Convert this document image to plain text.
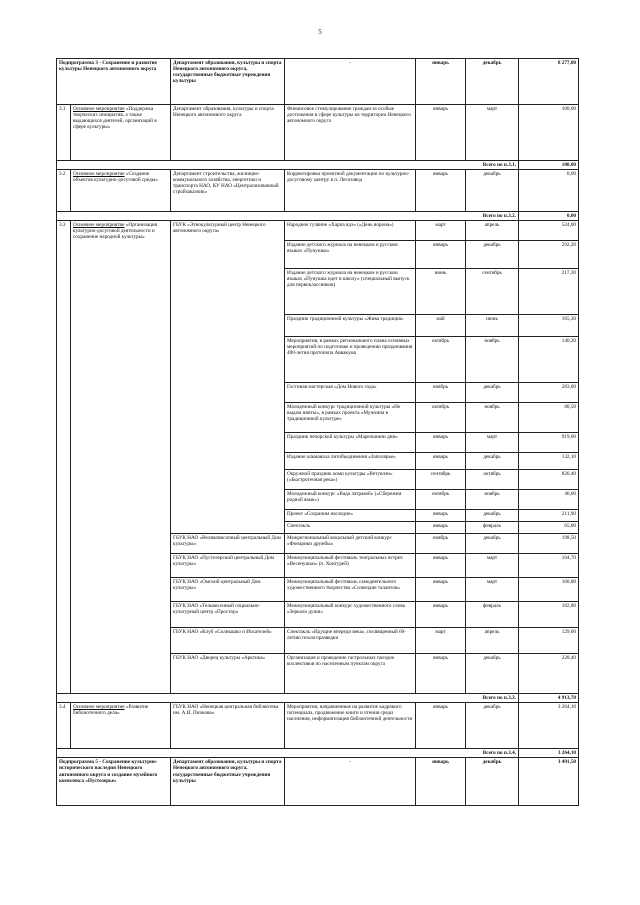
5
Подпрограмма 3 - Сохранение и развитие культуры Ненецкого автономного округа		Департамент образования, культуры и спорта Ненецкого автономного округа, государственные бюджетные учреждения культуры	-	январь	декабрь	8 277,80
3.1	Основное мероприятие «Поддержка творческих инициатив, а также выдающихся деятелей, организаций в сфере культуры»	Департамент образования, культуры и спорта Ненецкого автономного округа	Финансовое стимулирование граждан за особые достижения в сфере культуры на территории Ненецкого автономного округа	январь	март	100,00
Всего по п.3.1.						100,00
3.2	Основное мероприятие «Создание объектов культурно-досуговой среды»	Департамент строительства, жилищно-коммунального хозяйства, энергетики и транспорта НАО, КУ НАО «Централизованный стройзаказчик»	Корректировка проектной документации по культурно-досуговому центру в п. Лесозавод	январь	декабрь	0,00
Всего по п.3.2.						0,00
3.3	Основное мероприятие «Организация культурно-досуговой деятельности и сохранение народной культуры»	ГБУК «Этнокультурный центр Ненецкого автономного округа»	Народное гуляние «Харпа ядэ» («День ворона»)	март	апрель	524,00
			Издание детского журнала на ненецком и русском языках «Пунушка»	январь	декабрь	292,20
			Издание детского журнала на ненецком и русском языках «Пунушка идет в школу» (специальный выпуск для первоклассников)	июнь	сентябрь	217,30
			Праздник традиционной культуры «Жива традиция»	май	июнь	165,30
			Мероприятия, в рамках регионального плана основных мероприятий по подготовке и проведению празднования 400-летия протопопа Аввакума	октябрь	ноябрь	140,20
			Гостиная мастерская «Дом Нового года»	ноябрь	декабрь	283,00
			Молодежный конкурс традиционной культуры «Не выдом нянты», в рамках проекта «Мужчина в традиционной культуре»	октябрь	ноябрь	80,50
			Праздник печорской культуры «Марельнини дни»	январь	март	919,60
			Издание альманаха литобъединения «Заполярье»	январь	декабрь	132,10
			Окружной праздник коми культуры «Ветувлэн» («Быстротечная река»)	сентябрь	октябрь	826,40
			Молодежный конкурс «Вада латравэй» («Сбережем родной язык»)	октябрь	ноябрь	46,00
			Проект «Сохраним наследие»	январь	декабрь	211,90
			Спектакль	январь	февраль	65,00
		ГБУК НАО «Великовисочный центральный Дом культуры»	Межрегиональный вокальный детский конкурс «Фонарики дружбы»	ноябрь	декабрь	198,50
		ГБУК НАО «Пустозерский центральный Дом культуры»	Межмуниципальный фестиваль театральных встреч «Весенушки» (п. Хонгурей)	январь	март	104,70
		ГБУК НАО «Омский центральный Дом культуры»	Межмуниципальный фестиваль самодеятельного художественного творчества «Созвездие талантов»	январь	март	160,80
		ГБУК НАО «Тельвисочный социально-культурный центр «Простор»	Межмуниципальный конкурс художественного слова «Зеркало души»	январь	февраль	182,80
		ГБУК НАО «Клуб «Солнышко п Искателей»	Спектакль «Идущие впереди века», посвященный 60-летию геологоразведки	март	апрель	129,00
		ГБУК НАО «Дворец культуры «Арктика»	Организация и проведение гастрольных поездок коллективов по населенным пунктам округа	январь	декабрь	228,40
Всего по п.3.3.						4 913,70
3.4	Основное мероприятие «Развитие библиотечного дела»	ГБУК НАО «Ненецкая центральная библиотека им. А.И. Пичкова»	Мероприятия, направленные на развитие кадрового потенциала, продвижение книги и чтения среди населения, информатизация библиотечной деятельности	январь	декабрь	3 264,10
Всего по п.3.4.						3 264,10
Подпрограмма 5 - Сохранение культурно-исторического наследия Ненецкого автономного округа и создание музейного комплекса «Пустозерье»		Департамент образования, культуры и спорта Ненецкого автономного округа, государственные бюджетные учреждения культуры	-	январь	декабрь	3 491,50
